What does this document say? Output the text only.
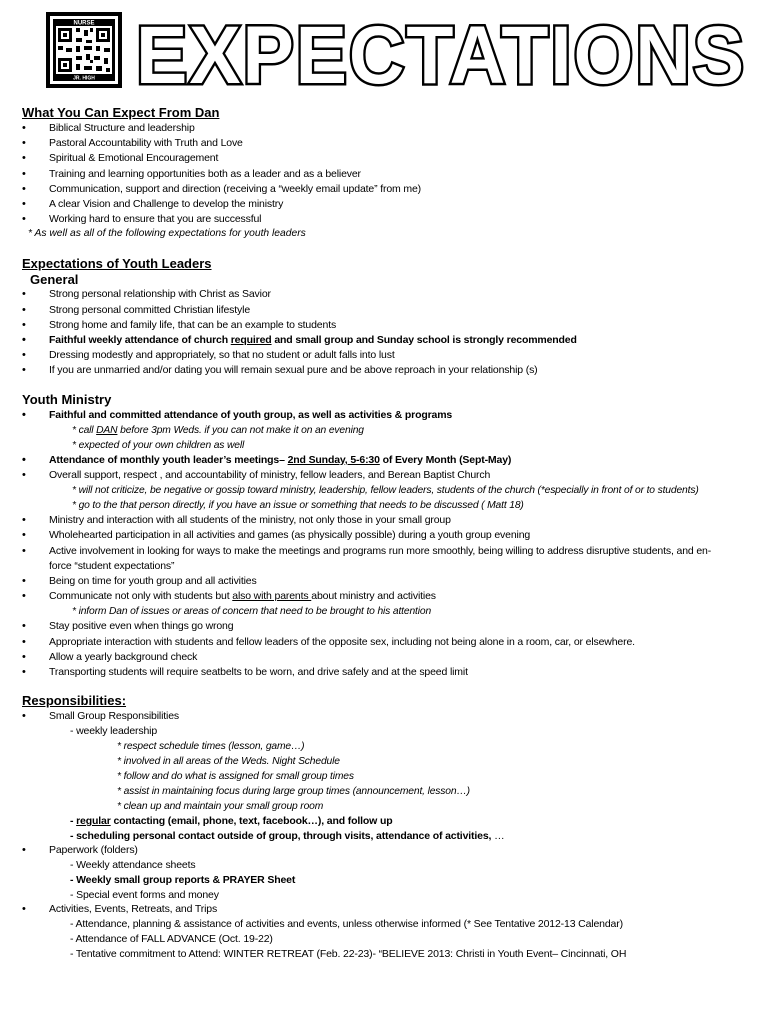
NURSE
JR. HIGH EXPECTATIONS

What You Can Expect From Dan

• Biblical Structure and leadership
• Pastoral Accountability with Truth and Love
• Spiritual & Emotional Encouragement
• Training and learning opportunities both as a leader and as a believer
• Communication, support and direction (receiving a “weekly email update” from me)
• A clear Vision and Challenge to develop the ministry
• Working hard to ensure that you are successful
* As well as all of the following expectations for youth leaders

Expectations of Youth Leaders

General

• Strong personal relationship with Christ as Savior
• Strong personal committed Christian lifestyle
• Strong home and family life, that can be an example to students
• Faithful weekly attendance of church required and small group and Sunday school is strongly recommended
• Dressing modestly and appropriately, so that no student or adult falls into lust
• If you are unmarried and/or dating you will remain sexual pure and be above reproach in your relationship (s)

Youth Ministry

• Faithful and committed attendance of youth group, as well as activities & programs
* call DAN before 3pm Weds. if you can not make it on an evening
* expected of your own children as well
• Attendance of monthly youth leader’s meetings– 2nd Sunday, 5-6:30 of Every Month (Sept-May)
• Overall support, respect , and accountability of ministry, fellow leaders, and Berean Baptist Church
* will not criticize, be negative or gossip toward ministry, leadership, fellow leaders, students of the church (*especially in front of or to students)
* go to the that person directly, if you have an issue or something that needs to be discussed ( Matt 18)
• Ministry and interaction with all students of the ministry, not only those in your small group
• Wholehearted participation in all activities and games (as physically possible) during a youth group evening
• Active involvement in looking for ways to make the meetings and programs run more smoothly, being willing to address disruptive students, and en-
force “student expectations”
• Being on time for youth group and all activities
• Communicate not only with students but also with parents about ministry and activities
* inform Dan of issues or areas of concern that need to be brought to his attention
• Stay positive even when things go wrong
• Appropriate interaction with students and fellow leaders of the opposite sex, including not being alone in a room, car, or elsewhere.
• Allow a yearly background check
• Transporting students will require seatbelts to be worn, and drive safely and at the speed limit

Responsibilities:

• Small Group Responsibilities
- weekly leadership
* respect schedule times (lesson, game…)
* involved in all areas of the Weds. Night Schedule
* follow and do what is assigned for small group times
* assist in maintaining focus during large group times (announcement, lesson…)
* clean up and maintain your small group room
- regular contacting (email, phone, text, facebook…), and follow up
- scheduling personal contact outside of group, through visits, attendance of activities, …
• Paperwork (folders)
- Weekly attendance sheets
- Weekly small group reports & PRAYER Sheet
- Special event forms and money
• Activities, Events, Retreats, and Trips
- Attendance, planning & assistance of activities and events, unless otherwise informed (* See Tentative 2012-13 Calendar)
- Attendance of FALL ADVANCE (Oct. 19-22)
- Tentative commitment to Attend: WINTER RETREAT (Feb. 22-23)- “BELIEVE 2013: Christi in Youth Event– Cincinnati, OH
